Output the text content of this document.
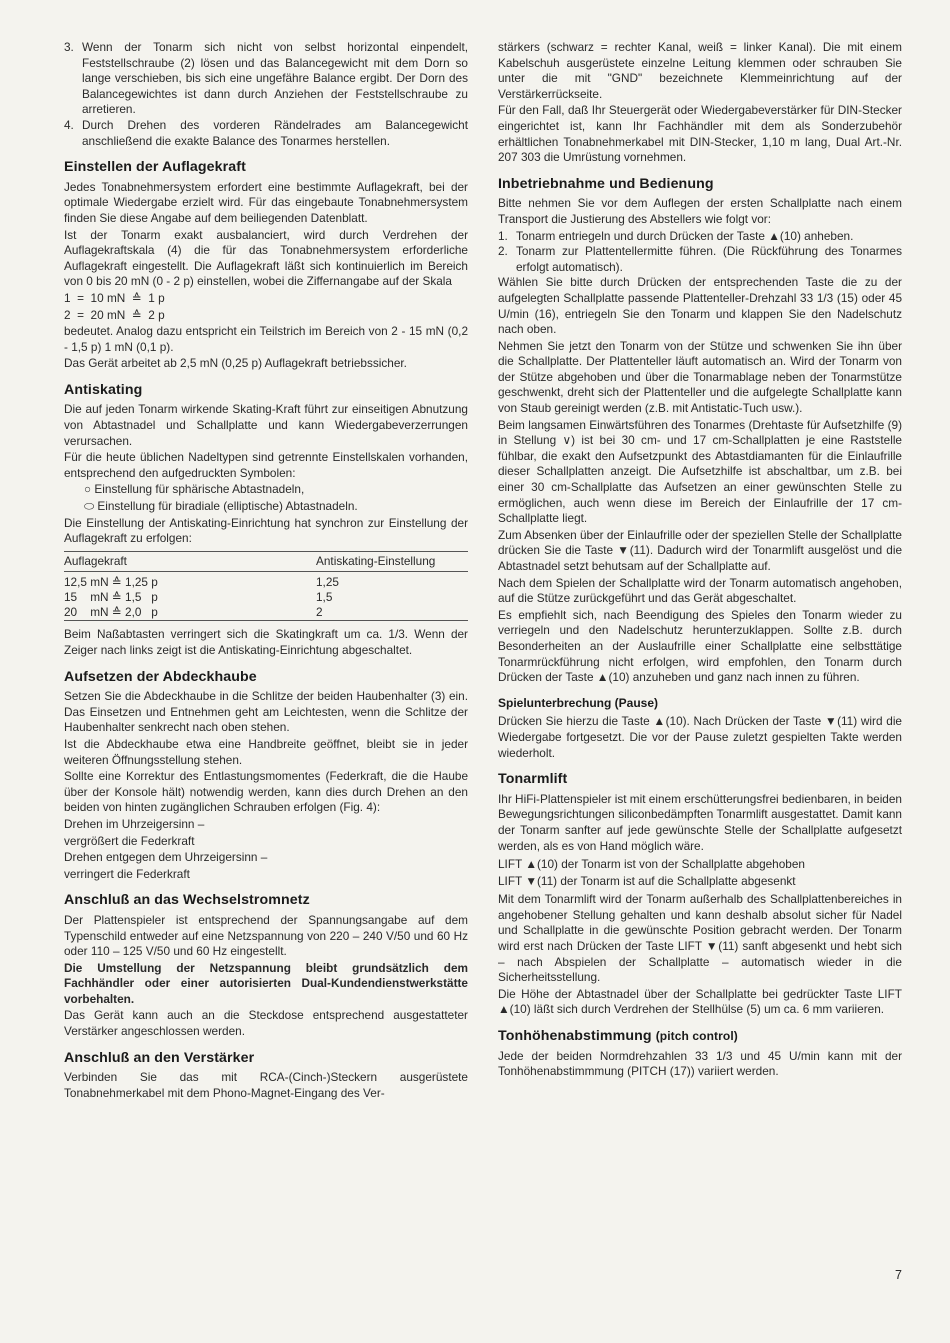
3. Wenn der Tonarm sich nicht von selbst horizontal einpendelt, Feststellschraube (2) lösen und das Balancegewicht mit dem Dorn so lange verschieben, bis sich eine ungefähre Balance ergibt. Der Dorn des Balancegewichtes ist dann durch Anziehen der Feststellschraube zu arretieren.
4. Durch Drehen des vorderen Rändelrades am Balancegewicht anschließend die exakte Balance des Tonarmes herstellen.
Einstellen der Auflagekraft

Jedes Tonabnehmersystem erfordert eine bestimmte Auflagekraft, bei der optimale Wiedergabe erzielt wird. Für das eingebaute Tonabnehmersystem finden Sie diese Angabe auf dem beiliegenden Datenblatt.

Ist der Tonarm exakt ausbalanciert, wird durch Verdrehen der Auflagekraftskala (4) die für das Tonabnehmersystem erforderliche Auflagekraft eingestellt. Die Auflagekraft läßt sich kontinuierlich im Bereich von 0 bis 20 mN (0 - 2 p) einstellen, wobei die Ziffernangabe auf der Skala

1  =  10 mN  ≙  1 p

2  =  20 mN  ≙  2 p

bedeutet. Analog dazu entspricht ein Teilstrich im Bereich von 2 - 15 mN (0,2 - 1,5 p) 1 mN (0,1 p).

Das Gerät arbeitet ab 2,5 mN (0,25 p) Auflagekraft betriebssicher.

Antiskating

Die auf jeden Tonarm wirkende Skating-Kraft führt zur einseitigen Abnutzung von Abtastnadel und Schallplatte und kann Wiedergabeverzerrungen verursachen.

Für die heute üblichen Nadeltypen sind getrennte Einstellskalen vorhanden, entsprechend den aufgedruckten Symbolen:

○ Einstellung für sphärische Abtastnadeln,

⬭ Einstellung für biradiale (elliptische) Abtastnadeln.

Die Einstellung der Antiskating-Einrichtung hat synchron zur Einstellung der Auflagekraft zu erfolgen:

Auflagekraft	Antiskating-Einstellung
12,5 mN ≙ 1,25 p	1,25
15    mN ≙ 1,5   p	1,5
20    mN ≙ 2,0   p	2

Beim Naßabtasten verringert sich die Skatingkraft um ca. 1/3. Wenn der Zeiger nach links zeigt ist die Antiskating-Einrichtung abgeschaltet.

Aufsetzen der Abdeckhaube

Setzen Sie die Abdeckhaube in die Schlitze der beiden Haubenhalter (3) ein. Das Einsetzen und Entnehmen geht am Leichtesten, wenn die Schlitze der Haubenhalter senkrecht nach oben stehen.

Ist die Abdeckhaube etwa eine Handbreite geöffnet, bleibt sie in jeder weiteren Öffnungsstellung stehen.

Sollte eine Korrektur des Entlastungsmomentes (Federkraft, die die Haube über der Konsole hält) notwendig werden, kann dies durch Drehen an den beiden von hinten zugänglichen Schrauben erfolgen (Fig. 4):

Drehen im Uhrzeigersinn –

vergrößert die Federkraft

Drehen entgegen dem Uhrzeigersinn –

verringert die Federkraft

Anschluß an das Wechselstromnetz

Der Plattenspieler ist entsprechend der Spannungsangabe auf dem Typenschild entweder auf eine Netzspannung von 220 – 240 V/50 und 60 Hz oder 110 – 125 V/50 und 60 Hz eingestellt.

Die Umstellung der Netzspannung bleibt grundsätzlich dem Fachhändler oder einer autorisierten Dual-Kundendienstwerkstätte vorbehalten.

Das Gerät kann auch an die Steckdose entsprechend ausgestatteter Verstärker angeschlossen werden.

Anschluß an den Verstärker

Verbinden Sie das mit RCA-(Cinch-)Steckern ausgerüstete Tonabnehmerkabel mit dem Phono-Magnet-Eingang des Ver-

stärkers (schwarz = rechter Kanal, weiß = linker Kanal). Die mit einem Kabelschuh ausgerüstete einzelne Leitung klemmen oder schrauben Sie unter die mit "GND" bezeichnete Klemmeinrichtung auf der Verstärkerrückseite.

Für den Fall, daß Ihr Steuergerät oder Wiedergabeverstärker für DIN-Stecker eingerichtet ist, kann Ihr Fachhändler mit dem als Sonderzubehör erhältlichen Tonabnehmerkabel mit DIN-Stecker, 1,10 m lang, Dual Art.-Nr. 207 303 die Umrüstung vornehmen.

Inbetriebnahme und Bedienung

Bitte nehmen Sie vor dem Auflegen der ersten Schallplatte nach einem Transport die Justierung des Abstellers wie folgt vor:

1. Tonarm entriegeln und durch Drücken der Taste ▲(10) anheben.
2. Tonarm zur Plattentellermitte führen. (Die Rückführung des Tonarmes erfolgt automatisch).

Wählen Sie bitte durch Drücken der entsprechenden Taste die zu der aufgelegten Schallplatte passende Plattenteller-Drehzahl 33 1/3 (15) oder 45 U/min (16), entriegeln Sie den Tonarm und klappen Sie den Nadelschutz nach oben.

Nehmen Sie jetzt den Tonarm von der Stütze und schwenken Sie ihn über die Schallplatte. Der Plattenteller läuft automatisch an. Wird der Tonarm von der Stütze abgehoben und über die Tonarmablage neben der Tonarmstütze geschwenkt, dreht sich der Plattenteller und die aufgelegte Schallplatte kann von Staub gereinigt werden (z.B. mit Antistatic-Tuch usw.).

Beim langsamen Einwärtsführen des Tonarmes (Drehtaste für Aufsetzhilfe (9) in Stellung ∨) ist bei 30 cm- und 17 cm-Schallplatten je eine Raststelle fühlbar, die exakt den Aufsetzpunkt des Abtastdiamanten für die Einlaufrille dieser Schallplatten anzeigt. Die Aufsetzhilfe ist abschaltbar, um z.B. bei einer 30 cm-Schallplatte das Aufsetzen an einer gewünschten Stelle zu ermöglichen, auch wenn diese im Bereich der Einlaufrille der 17 cm-Schallplatte liegt.

Zum Absenken über der Einlaufrille oder der speziellen Stelle der Schallplatte drücken Sie die Taste ▼(11). Dadurch wird der Tonarmlift ausgelöst und die Abtastnadel setzt behutsam auf der Schallplatte auf.

Nach dem Spielen der Schallplatte wird der Tonarm automatisch angehoben, auf die Stütze zurückgeführt und das Gerät abgeschaltet.

Es empfiehlt sich, nach Beendigung des Spieles den Tonarm wieder zu verriegeln und den Nadelschutz herunterzuklappen. Sollte z.B. durch Besonderheiten an der Auslaufrille einer Schallplatte eine selbsttätige Tonarmrückführung nicht erfolgen, wird empfohlen, den Tonarm durch Drücken der Taste ▲(10) anzuheben und ganz nach innen zu führen.

Spielunterbrechung (Pause)

Drücken Sie hierzu die Taste ▲(10). Nach Drücken der Taste ▼(11) wird die Wiedergabe fortgesetzt. Die vor der Pause zuletzt gespielten Takte werden wiederholt.

Tonarmlift

Ihr HiFi-Plattenspieler ist mit einem erschütterungsfrei bedienbaren, in beiden Bewegungsrichtungen siliconbedämpften Tonarmlift ausgestattet. Damit kann der Tonarm sanfter auf jede gewünschte Stelle der Schallplatte aufgesetzt werden, als es von Hand möglich wäre.

LIFT ▲(10) der Tonarm ist von der Schallplatte abgehoben

LIFT ▼(11) der Tonarm ist auf die Schallplatte abgesenkt

Mit dem Tonarmlift wird der Tonarm außerhalb des Schallplattenbereiches in angehobener Stellung gehalten und kann deshalb absolut sicher für Nadel und Schallplatte in die gewünschte Position gebracht werden. Der Tonarm wird erst nach Drücken der Taste LIFT ▼(11) sanft abgesenkt und hebt sich – nach Abspielen der Schallplatte – automatisch wieder in die Sicherheitsstellung.

Die Höhe der Abtastnadel über der Schallplatte bei gedrückter Taste LIFT ▲(10) läßt sich durch Verdrehen der Stellhülse (5) um ca. 6 mm variieren.

Tonhöhenabstimmung (pitch control)

Jede der beiden Normdrehzahlen 33 1/3 und 45 U/min kann mit der Tonhöhenabstimmmung (PITCH (17)) variiert werden.

7
